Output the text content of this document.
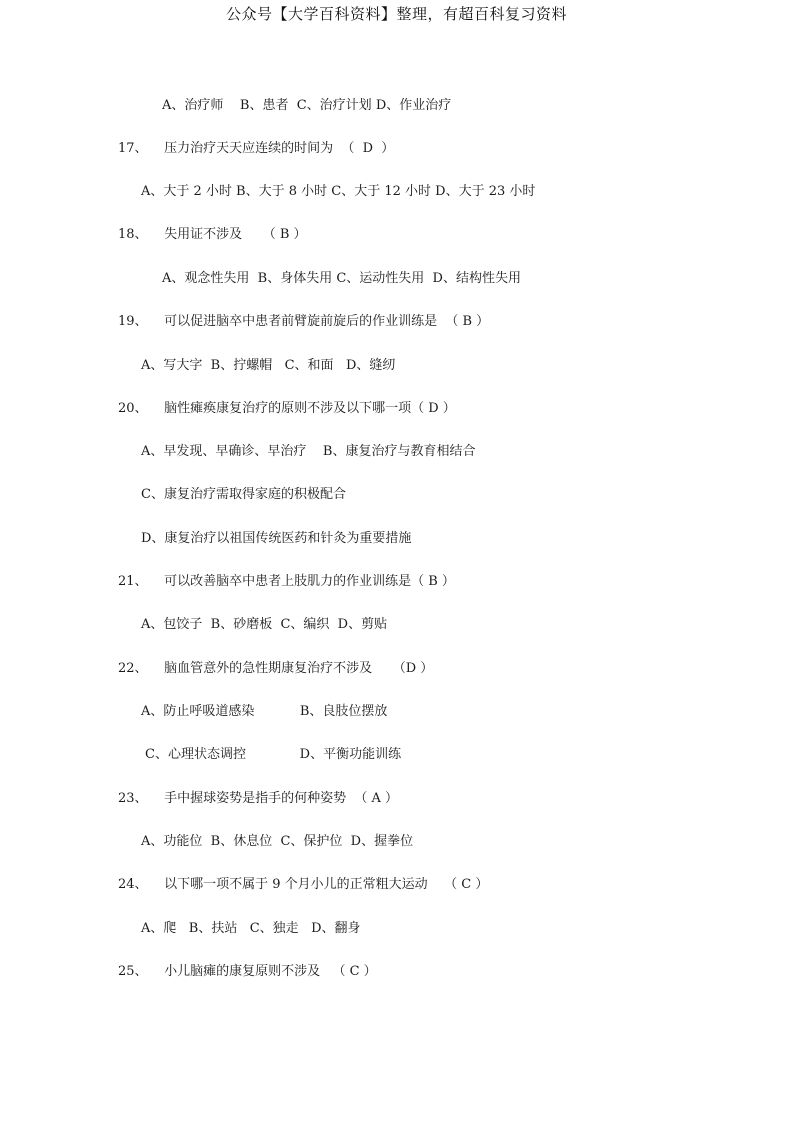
公众号【大学百科资料】整理，有超百科复习资料
A、治疗师    B、患者  C、治疗计划 D、作业治疗
17、    压力治疗天天应连续的时间为  （  D  ）
A、大于 2 小时 B、大于 8 小时 C、大于 12 小时 D、大于 23 小时
18、    失用证不涉及     （ B ）
A、观念性失用  B、身体失用 C、运动性失用  D、结构性失用
19、    可以促进脑卒中患者前臂旋前旋后的作业训练是  （ B ）
A、写大字  B、拧螺帽   C、和面   D、缝纫
20、    脑性瘫痪康复治疗的原则不涉及以下哪一项（ D ）
A、早发现、早确诊、早治疗    B、康复治疗与教育相结合
C、康复治疗需取得家庭的积极配合
D、康复治疗以祖国传统医药和针灸为重要措施
21、    可以改善脑卒中患者上肢肌力的作业训练是（ B ）
A、包饺子  B、砂磨板  C、编织  D、剪贴
22、    脑血管意外的急性期康复治疗不涉及     （D ）
A、防止呼吸道感染           B、良肢位摆放
C、心理状态调控             D、平衡功能训练
23、    手中握球姿势是指手的何种姿势  （ A ）
A、功能位  B、休息位  C、保护位  D、握拳位
24、    以下哪一项不属于 9 个月小儿的正常粗大运动    （ C ）
A、爬   B、扶站   C、独走   D、翻身
25、    小儿脑瘫的康复原则不涉及   （ C ）
